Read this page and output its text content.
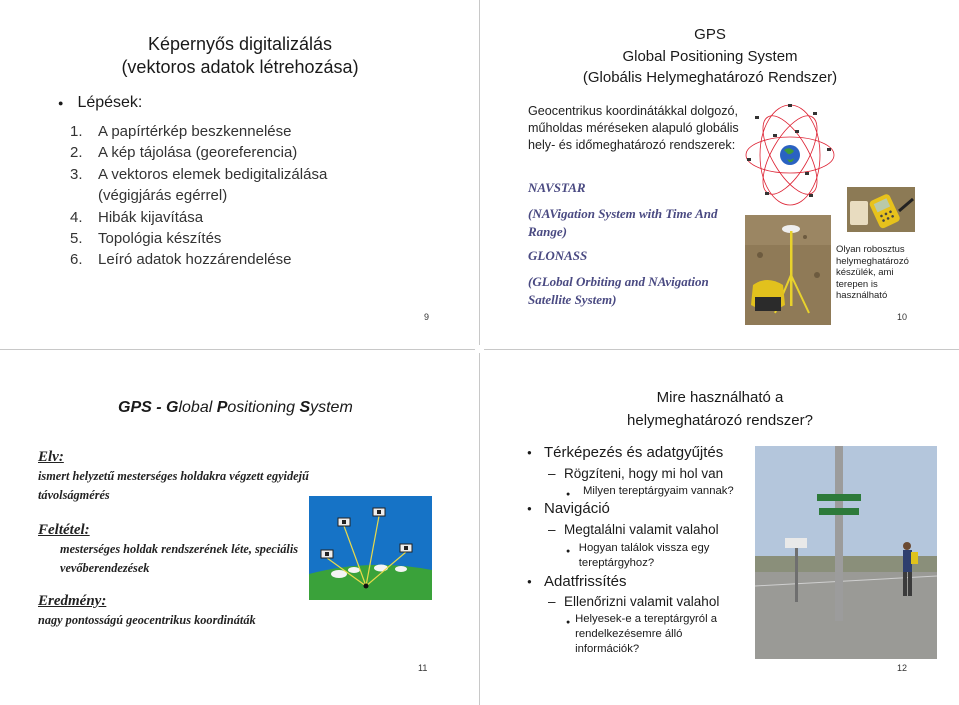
Képernyős digitalizálás
(vektoros adatok létrehozása)
● Lépések:
1.	A papírtérkép beszkennelése
2.	A kép tájolása (georeferencia)
3.	A vektoros elemek bedigitalizálása (végigjárás egérrel)
4.	Hibák kijavítása
5.	Topológia készítés
6.	Leíró adatok hozzárendelése
9
GPS
Global Positioning System
(Globális Helymeghatározó Rendszer)
Geocentrikus koordinátákkal dolgozó, műholdas méréseken alapuló globális hely- és időmeghatározó rendszerek:
NAVSTAR
(NAVigation System with Time And Range)
GLONASS
(GLobal Orbiting and NAvigation Satellite System)
Olyan robosztus helymeghatározó készülék, ami terepen is használható
10
GPS - Global Positioning System
Elv:
ismert helyzetű mesterséges holdakra végzett egyidejű távolságmérés
Feltétel:
mesterséges holdak rendszerének léte, speciális vevőberendezések
Eredmény:
nagy pontosságú geocentrikus koordináták
11
Mire használható a
helymeghatározó rendszer?
● Térképezés és adatgyűjtés
– Rögzíteni, hogy mi hol van
●	Milyen tereptárgyaim vannak?
● Navigáció
– Megtalálni valamit valahol
● Hogyan találok vissza egy tereptárgyhoz?
● Adatfrissítés
– Ellenőrizni valamit valahol
● Helyesek-e a tereptárgyról a rendelkezésemre álló információk?
12
